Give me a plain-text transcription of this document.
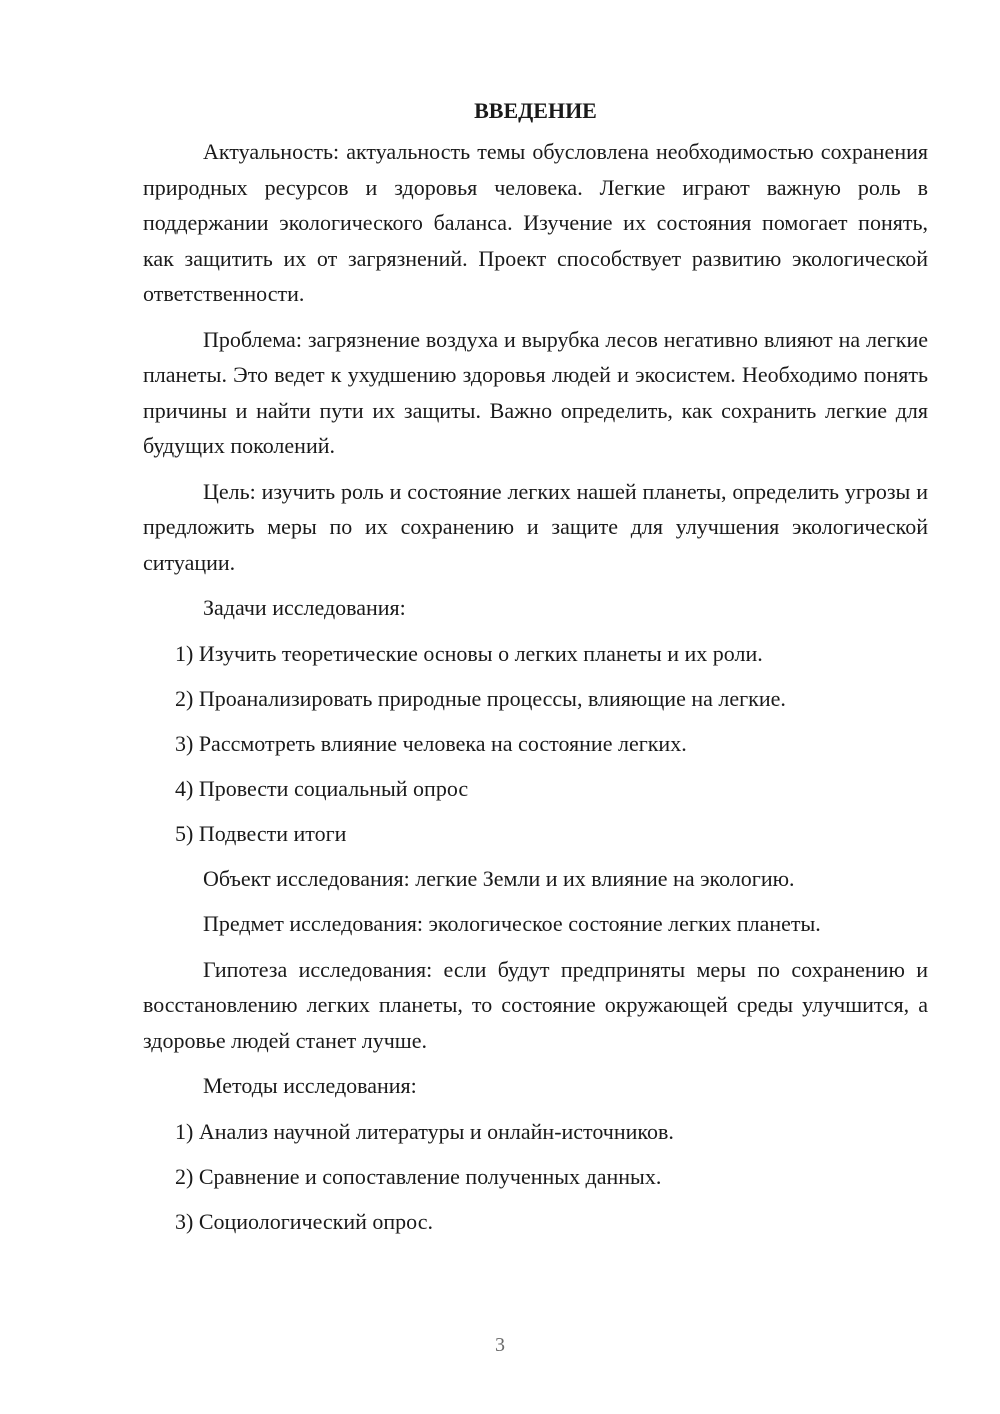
ВВЕДЕНИЕ

Актуальность: актуальность темы обусловлена необходимостью сохранения природных ресурсов и здоровья человека. Легкие играют важную роль в поддержании экологического баланса. Изучение их состояния помогает понять, как защитить их от загрязнений. Проект способствует развитию экологической ответственности.

Проблема: загрязнение воздуха и вырубка лесов негативно влияют на легкие планеты. Это ведет к ухудшению здоровья людей и экосистем. Необходимо понять причины и найти пути их защиты. Важно определить, как сохранить легкие для будущих поколений.

Цель: изучить роль и состояние легких нашей планеты, определить угрозы и предложить меры по их сохранению и защите для улучшения экологической ситуации.

Задачи исследования:

1) Изучить теоретические основы о легких планеты и их роли.
2) Проанализировать природные процессы, влияющие на легкие.
3) Рассмотреть влияние человека на состояние легких.
4) Провести социальный опрос
5) Подвести итоги

Объект исследования: легкие Земли и их влияние на экологию.

Предмет исследования: экологическое состояние легких планеты.

Гипотеза исследования: если будут предприняты меры по сохранению и восстановлению легких планеты, то состояние окружающей среды улучшится, а здоровье людей станет лучше.

Методы исследования:

1) Анализ научной литературы и онлайн-источников.
2) Сравнение и сопоставление полученных данных.
3) Социологический опрос.
3
